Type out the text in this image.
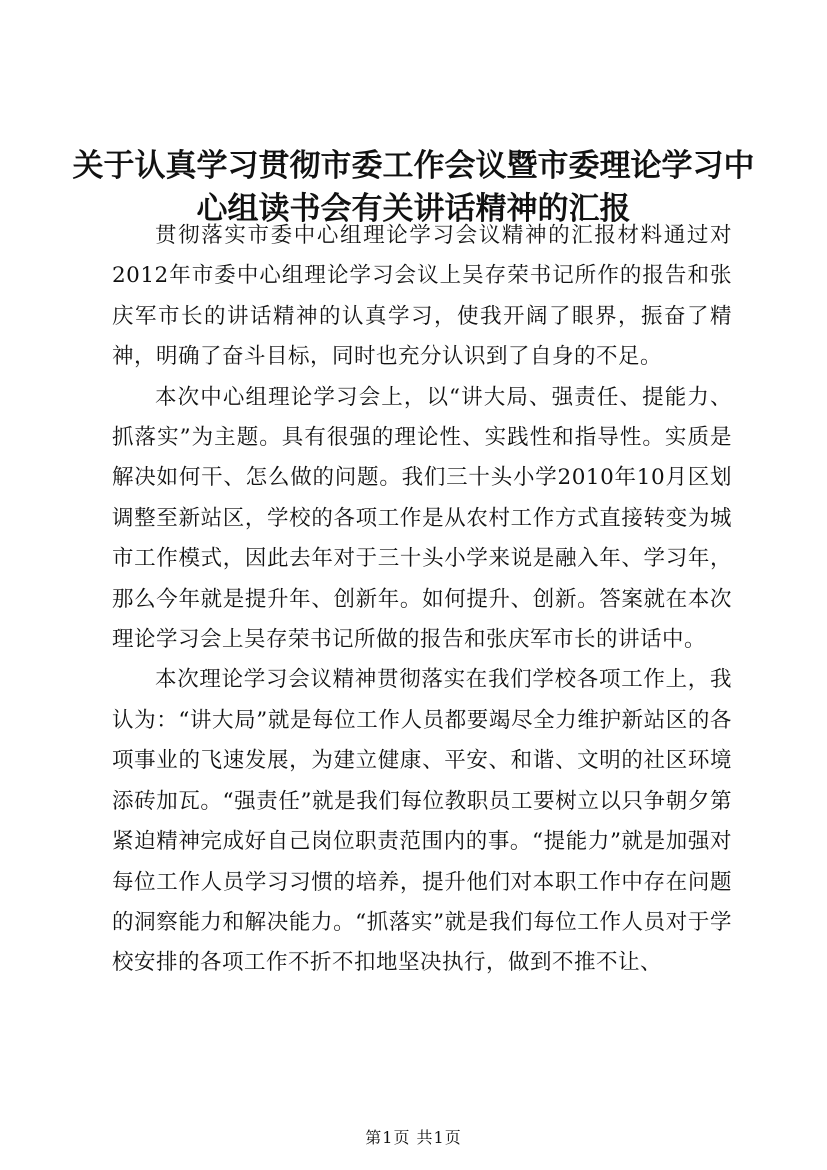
关于认真学习贯彻市委工作会议暨市委理论学习中心组读书会有关讲话精神的汇报

贯彻落实市委中心组理论学习会议精神的汇报材料通过对2012年市委中心组理论学习会议上吴存荣书记所作的报告和张庆军市长的讲话精神的认真学习，使我开阔了眼界，振奋了精神，明确了奋斗目标，同时也充分认识到了自身的不足。

本次中心组理论学习会上，以“讲大局、强责任、提能力、抓落实”为主题。具有很强的理论性、实践性和指导性。实质是解决如何干、怎么做的问题。我们三十头小学2010年10月区划调整至新站区，学校的各项工作是从农村工作方式直接转变为城市工作模式，因此去年对于三十头小学来说是融入年、学习年，那么今年就是提升年、创新年。如何提升、创新。答案就在本次理论学习会上吴存荣书记所做的报告和张庆军市长的讲话中。

本次理论学习会议精神贯彻落实在我们学校各项工作上，我认为：“讲大局”就是每位工作人员都要竭尽全力维护新站区的各项事业的飞速发展，为建立健康、平安、和谐、文明的社区环境添砖加瓦。“强责任”就是我们每位教职员工要树立以只争朝夕第紧迫精神完成好自己岗位职责范围内的事。“提能力”就是加强对每位工作人员学习习惯的培养，提升他们对本职工作中存在问题的洞察能力和解决能力。“抓落实”就是我们每位工作人员对于学校安排的各项工作不折不扣地坚决执行，做到不推不让、

第1页 共1页
